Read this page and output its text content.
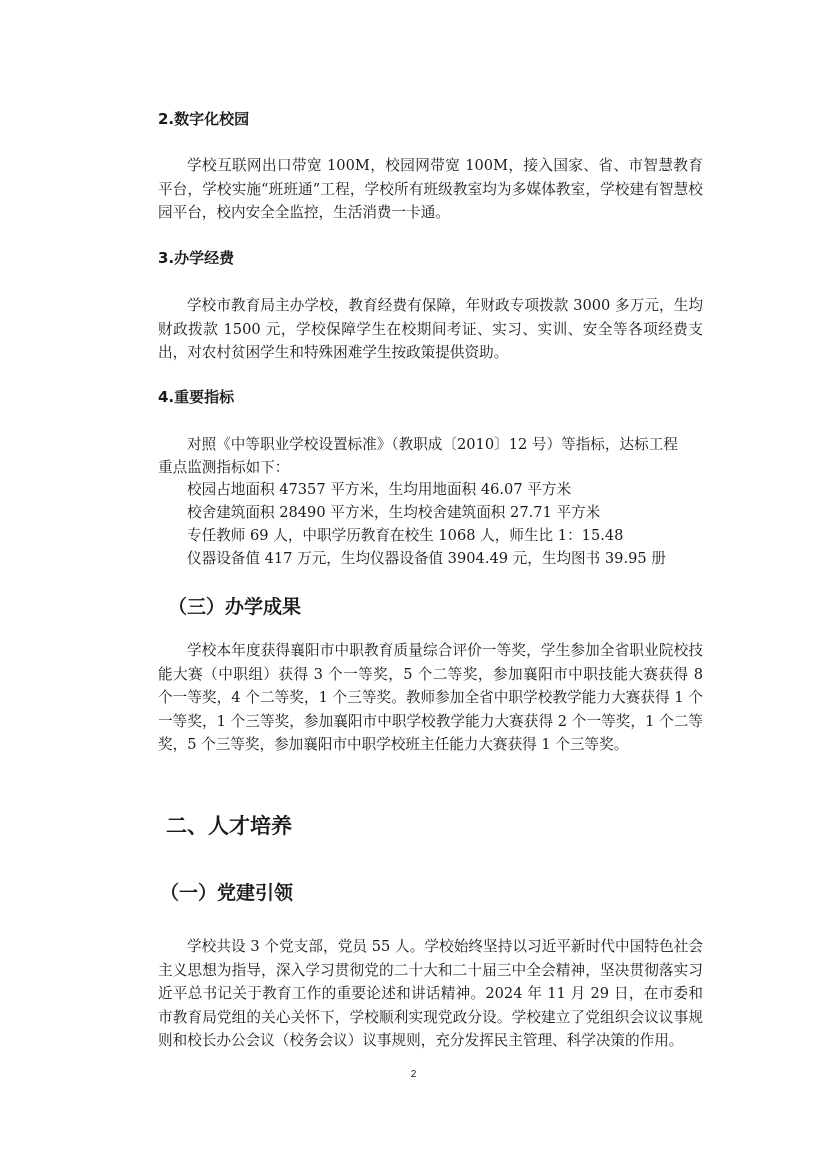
2.数字化校园
学校互联网出口带宽 100M，校园网带宽 100M，接入国家、省、市智慧教育平台，学校实施“班班通”工程，学校所有班级教室均为多媒体教室，学校建有智慧校园平台，校内安全全监控，生活消费一卡通。
3.办学经费
学校市教育局主办学校，教育经费有保障，年财政专项拨款 3000 多万元，生均财政拨款 1500 元，学校保障学生在校期间考证、实习、实训、安全等各项经费支出，对农村贫困学生和特殊困难学生按政策提供资助。
4.重要指标
对照《中等职业学校设置标准》（教职成〔2010〕12 号）等指标，达标工程
重点监测指标如下：
校园占地面积 47357 平方米，生均用地面积 46.07 平方米
校舍建筑面积 28490 平方米，生均校舍建筑面积 27.71 平方米
专任教师 69 人，中职学历教育在校生 1068 人，师生比 1：15.48
仪器设备值 417 万元，生均仪器设备值 3904.49 元，生均图书 39.95 册
（三）办学成果
学校本年度获得襄阳市中职教育质量综合评价一等奖，学生参加全省职业院校技能大赛（中职组）获得 3 个一等奖，5 个二等奖，参加襄阳市中职技能大赛获得 8 个一等奖，4 个二等奖，1 个三等奖。教师参加全省中职学校教学能力大赛获得 1 个一等奖，1 个三等奖，参加襄阳市中职学校教学能力大赛获得 2 个一等奖，1 个二等奖，5 个三等奖，参加襄阳市中职学校班主任能力大赛获得 1 个三等奖。
二、人才培养
（一）党建引领
学校共设 3 个党支部，党员 55 人。学校始终坚持以习近平新时代中国特色社会主义思想为指导，深入学习贯彻党的二十大和二十届三中全会精神，坚决贯彻落实习近平总书记关于教育工作的重要论述和讲话精神。2024 年 11 月 29 日，在市委和市教育局党组的关心关怀下，学校顺利实现党政分设。学校建立了党组织会议议事规则和校长办公会议（校务会议）议事规则，充分发挥民主管理、科学决策的作用。
2
